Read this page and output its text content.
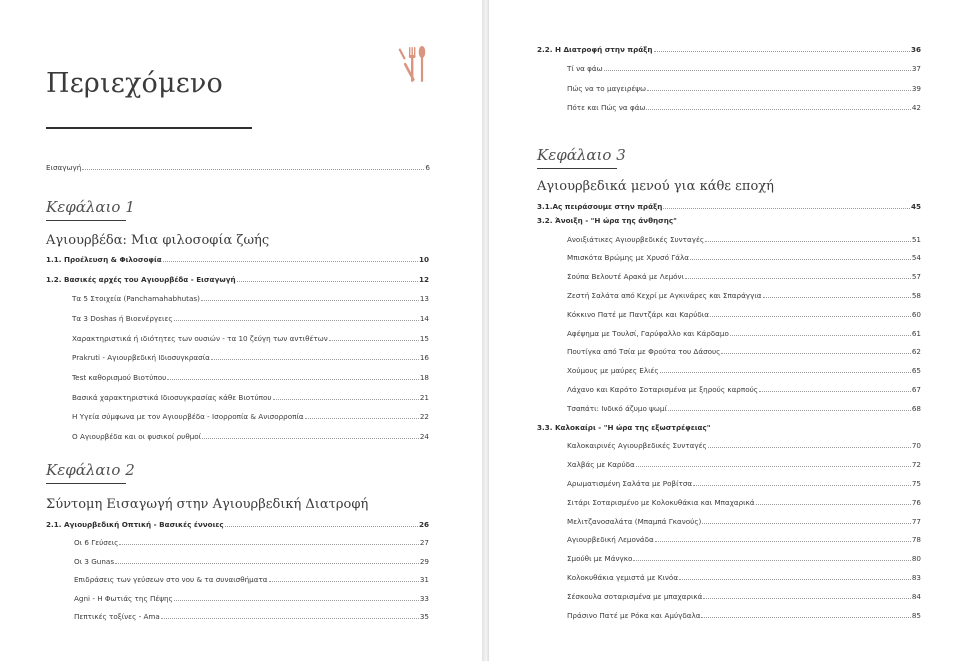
Περιεχόμενο
Εισαγωγή	6
Κεφάλαιο 1
Αγιουρβέδα: Μια φιλοσοφία ζωής
1.1. Προέλευση & Φιλοσοφία	10
1.2. Βασικές αρχές του Αγιουρβέδα - Εισαγωγή	12
Τα 5 Στοιχεία (Panchamahabhutas)	13
Τα 3 Doshas ή Βιοενέργειες	14
Χαρακτηριστικά ή ιδιότητες των ουσιών - τα 10 ζεύγη των αντιθέτων	15
Prakruti - Αγιουρβεδική Ιδιοσυγκρασία	16
Test καθορισμού Βιοτύπου	18
Βασικά χαρακτηριστικά Ιδιοσυγκρασίας κάθε Βιοτύπου	21
Η Υγεία σύμφωνα με τον Αγιουρβέδα - Ισορροπία & Ανισορροπία	22
Ο Αγιουρβέδα και οι φυσικοί ρυθμοί	24
Κεφάλαιο 2
Σύντομη Εισαγωγή στην Αγιουρβεδική Διατροφή
2.1. Αγιουρβεδική Οπτική - Βασικές έννοιες	26
Οι 6 Γεύσεις	27
Οι 3 Gunas	29
Επιδράσεις των γεύσεων στο νου & τα συναισθήματα	31
Agni - Η Φωτιάς της Πέψης	33
Πεπτικές τοξίνες - Ama	35
2.2. Η Διατροφή στην πράξη	36
Τί να φάω	37
Πώς να το μαγειρέψω	39
Πότε και Πώς να φάω	42
Κεφάλαιο 3
Αγιουρβεδικά μενού για κάθε εποχή
3.1.Ας πειράσουμε στην πράξη	45
3.2. Άνοιξη - "Η ώρα της άνθησης"
Ανοιξιάτικες Αγιουρβεδικές Συνταγές	51
Μπισκότα Βρώμης με Χρυσό Γάλα	54
Σούπα Βελουτέ Αρακά με Λεμόνι	57
Ζεστή Σαλάτα από Κεχρί με Αγκινάρες και Σπαράγγια	58
Κόκκινο Πατέ με Παντζάρι και Καρύδια	60
Αφέψημα με Τουλσί, Γαρύφαλλο και Κάρδαμο	61
Πουτίγκα από Τσία με Φρούτα του Δάσους	62
Χούμους με μαύρες Ελιές	65
Λάχανο και Καρότο Σοταρισμένα με ξηρούς καρπούς	67
Τσαπάτι: Ινδικό άζυμο ψωμί	68
3.3. Καλοκαίρι - "Η ώρα της εξωστρέφειας"
Καλοκαιρινές Αγιουρβεδικές Συνταγές	70
Χαλβάς με Καρύδα	72
Αρωματισμένη Σαλάτα με Ροβίτσα	75
Σιτάρι Σοταρισμένο με Κολοκυθάκια και Μπαχαρικά	76
Μελιτζανοσαλάτα (Μπαμπά Γκανούς)	77
Αγιουρβεδική Λεμονάδα	78
Σμούθι με Μάνγκο	80
Κολοκυθάκια γεμιστά με Κινόα	83
Σέσκουλα σοταρισμένα με μπαχαρικά	84
Πράσινο Πατέ με Ρόκα και Αμύγδαλα	85
